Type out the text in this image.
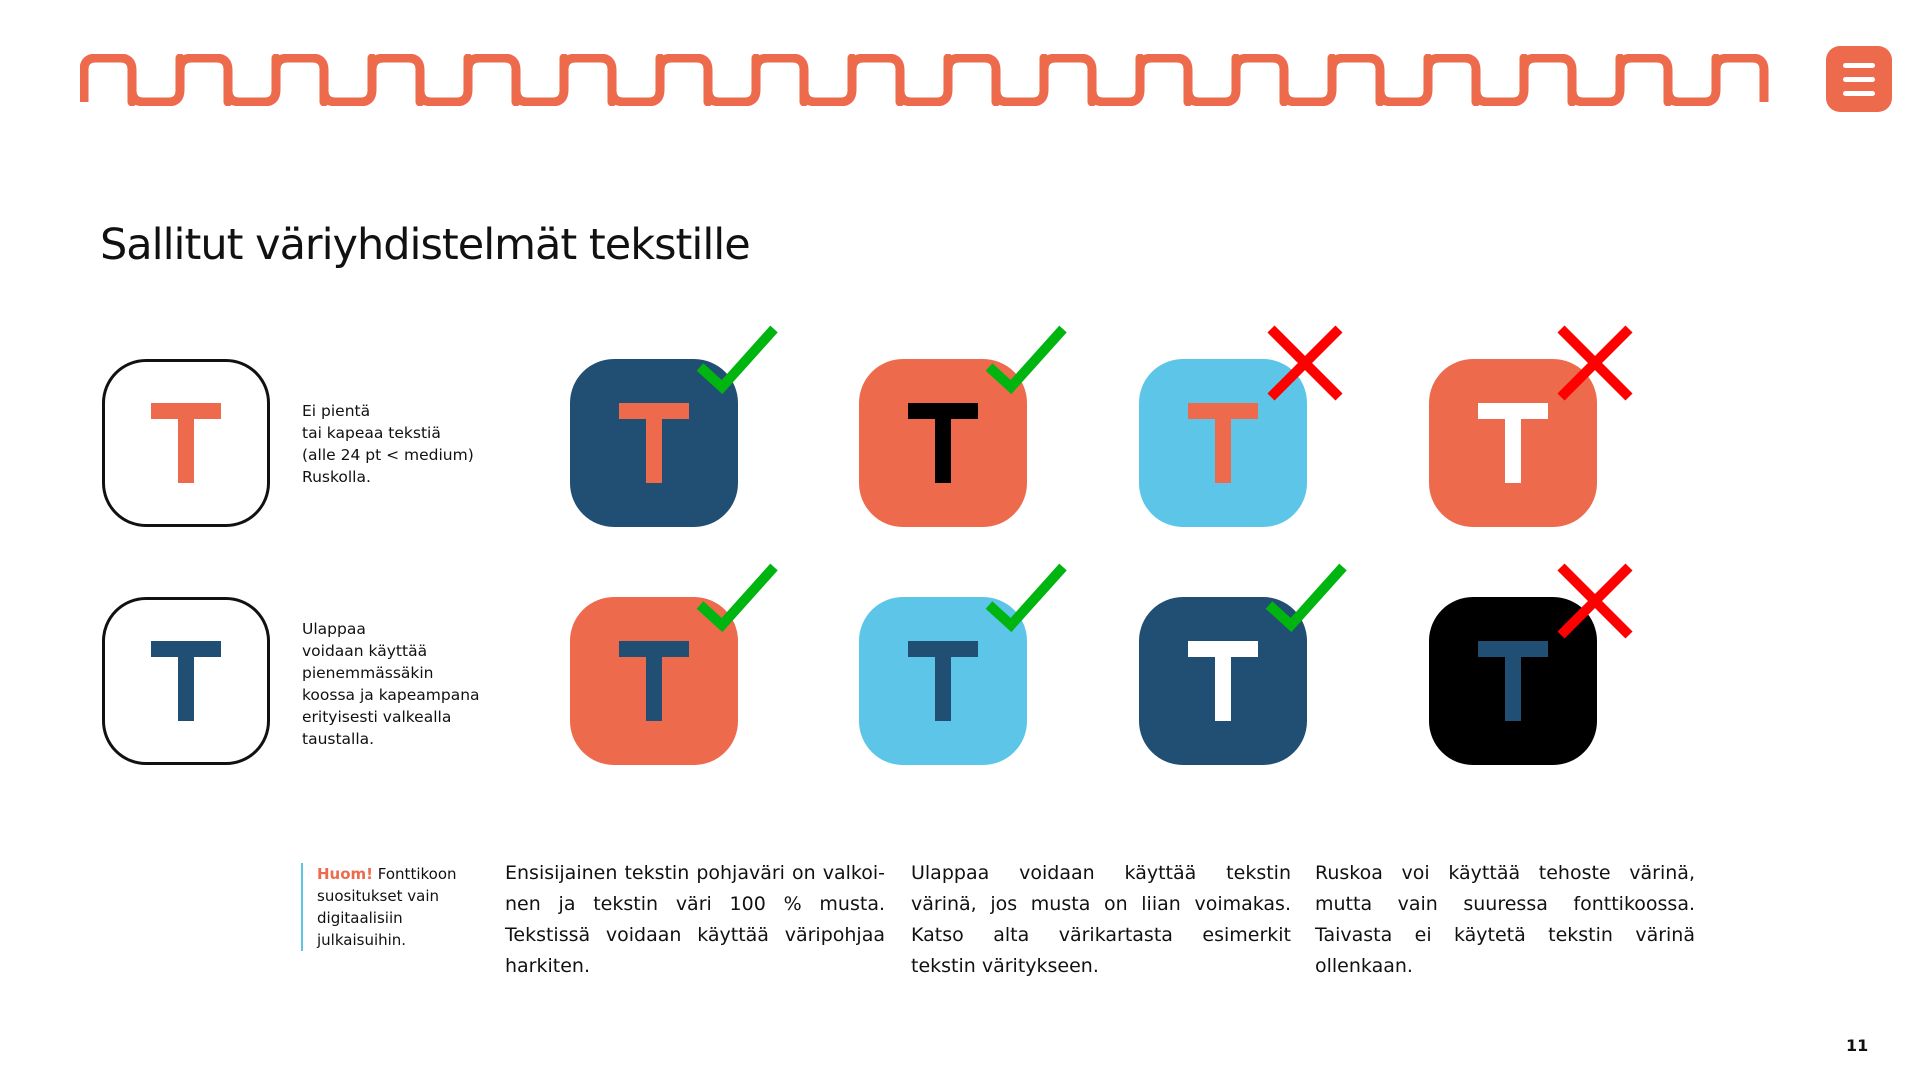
Sallitut väriyhdistelmät tekstille

Ei pientä
tai kapeaa tekstiä
(alle 24 pt < medium)
Ruskolla.

Ulappaa
voidaan käyttää
pienemmässäkin
koossa ja kapeampana
erityisesti valkealla
taustalla.

Huom! Fonttikoon suositukset vain digitaalisiin julkaisuihin.

Ensisijainen tekstin pohjaväri on valkoinen ja tekstin väri 100 % musta. Tekstissä voidaan käyttää väripohjaa harkiten.

Ulappaa voidaan käyttää tekstin värinä, jos musta on liian voimakas. Katso alta värikartasta esimerkit tekstin väritykseen.

Ruskoa voi käyttää tehoste värinä, mutta vain suuressa fonttikoossa. Taivasta ei käytetä tekstin värinä ollenkaan.

11
